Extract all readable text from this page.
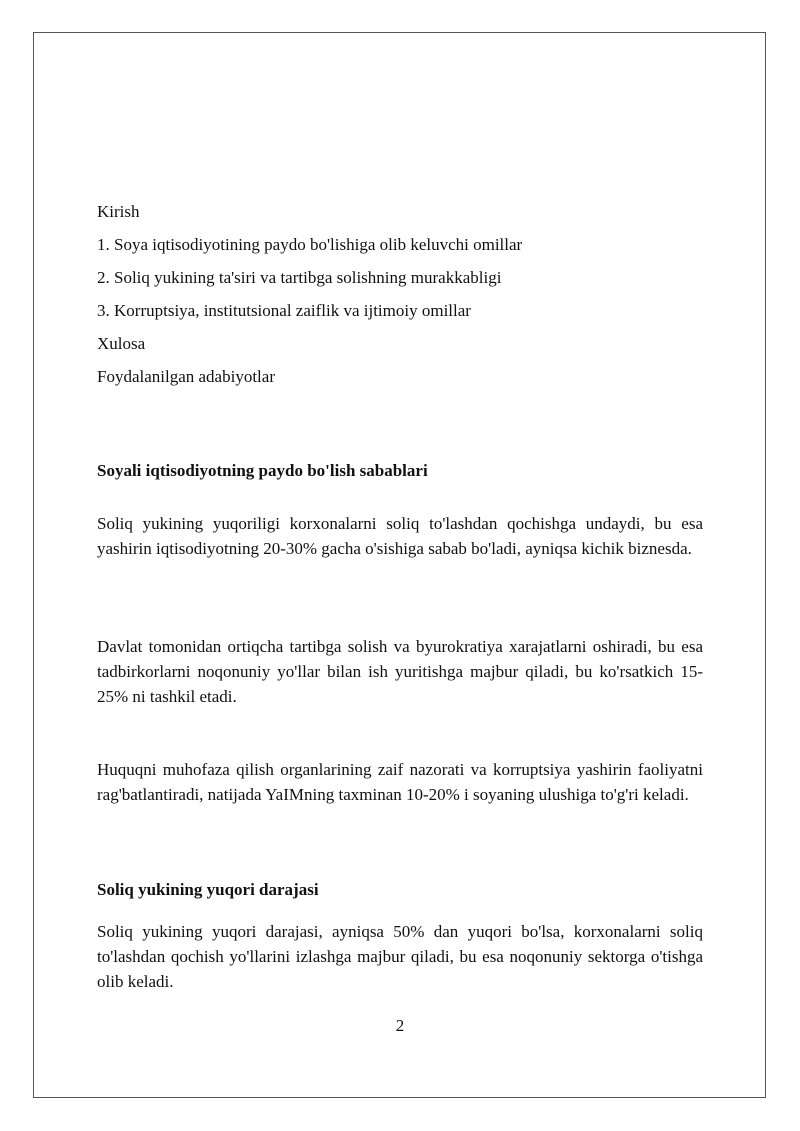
Kirish
1. Soya iqtisodiyotining paydo bo'lishiga olib keluvchi omillar
2. Soliq yukining ta'siri va tartibga solishning murakkabligi
3. Korruptsiya, institutsional zaiflik va ijtimoiy omillar
Xulosa
Foydalanilgan adabiyotlar
Soyali iqtisodiyotning paydo bo'lish sabablari

Soliq yukining yuqoriligi korxonalarni soliq to'lashdan qochishga undaydi, bu esa yashirin iqtisodiyotning 20-30% gacha o'sishiga sabab bo'ladi, ayniqsa kichik biznesda.

Davlat tomonidan ortiqcha tartibga solish va byurokratiya xarajatlarni oshiradi, bu esa tadbirkorlarni noqonuniy yo'llar bilan ish yuritishga majbur qiladi, bu ko'rsatkich 15-25% ni tashkil etadi.

Huquqni muhofaza qilish organlarining zaif nazorati va korruptsiya yashirin faoliyatni rag'batlantiradi, natijada YaIMning taxminan 10-20% i soyaning ulushiga to'g'ri keladi.

Soliq yukining yuqori darajasi

Soliq yukining yuqori darajasi, ayniqsa 50% dan yuqori bo'lsa, korxonalarni soliq to'lashdan qochish yo'llarini izlashga majbur qiladi, bu esa noqonuniy sektorga o'tishga olib keladi.

2
